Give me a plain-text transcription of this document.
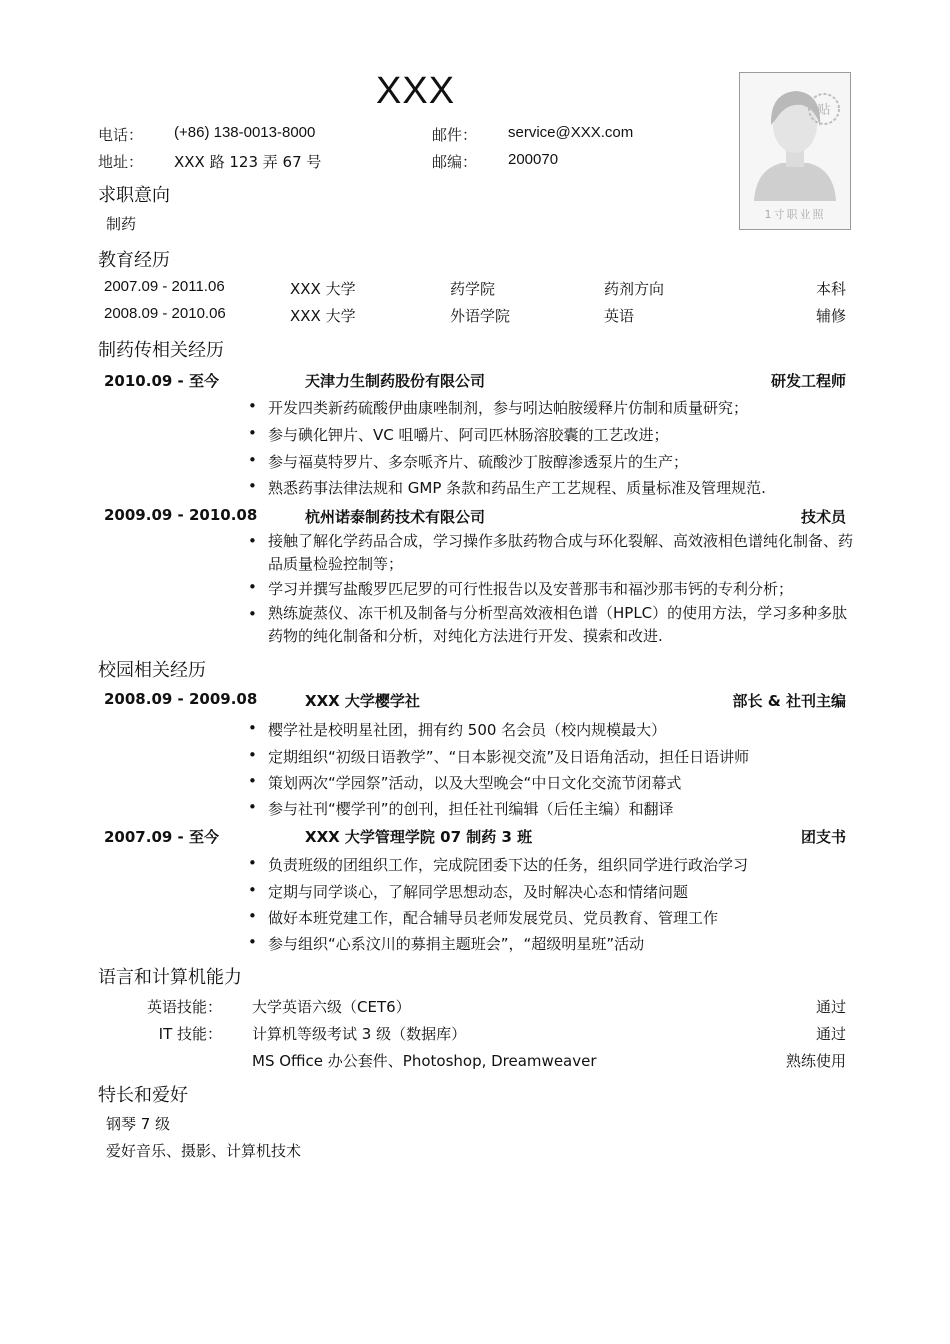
XXX	贴
1寸职业照
电话： (+86) 138-0013-8000	邮件： service@XXX.com
地址： XXX 路 123 弄 67 号	邮编： 200070
求职意向
制药
教育经历
2007.09 - 2011.06	XXX 大学	药学院	药剂方向	本科
2008.09 - 2010.06	XXX 大学	外语学院	英语	辅修
制药传相关经历
2010.09 - 至今	天津力生制药股份有限公司	研发工程师
• 开发四类新药硫酸伊曲康唑制剂，参与吲达帕胺缓释片仿制和质量研究；
• 参与碘化钾片、VC 咀嚼片、阿司匹林肠溶胶囊的工艺改进；
• 参与福莫特罗片、多奈哌齐片、硫酸沙丁胺醇渗透泵片的生产；
• 熟悉药事法律法规和 GMP 条款和药品生产工艺规程、质量标准及管理规范.
2009.09 - 2010.08	杭州诺泰制药技术有限公司	技术员
• 接触了解化学药品合成，学习操作多肽药物合成与环化裂解、高效液相色谱纯化制备、药品质量检验控制等；
• 学习并撰写盐酸罗匹尼罗的可行性报告以及安普那韦和福沙那韦钙的专利分析；
• 熟练旋蒸仪、冻干机及制备与分析型高效液相色谱（HPLC）的使用方法，学习多种多肽药物的纯化制备和分析，对纯化方法进行开发、摸索和改进.
校园相关经历
2008.09 - 2009.08	XXX 大学樱学社	部长 & 社刊主编
• 樱学社是校明星社团，拥有约 500 名会员（校内规模最大）
• 定期组织“初级日语教学”、“日本影视交流”及日语角活动，担任日语讲师
• 策划两次“学园祭”活动，以及大型晚会“中日文化交流节闭幕式
• 参与社刊“樱学刊”的创刊，担任社刊编辑（后任主编）和翻译
2007.09 - 至今	XXX 大学管理学院 07 制药 3 班	团支书
• 负责班级的团组织工作，完成院团委下达的任务，组织同学进行政治学习
• 定期与同学谈心，了解同学思想动态，及时解决心态和情绪问题
• 做好本班党建工作，配合辅导员老师发展党员、党员教育、管理工作
• 参与组织“心系汶川的募捐主题班会”，“超级明星班”活动
语言和计算机能力
英语技能： 大学英语六级（CET6）	通过
IT 技能： 计算机等级考试 3 级（数据库）	通过
MS Office 办公套件、Photoshop, Dreamweaver	熟练使用
特长和爱好
钢琴 7 级
爱好音乐、摄影、计算机技术
